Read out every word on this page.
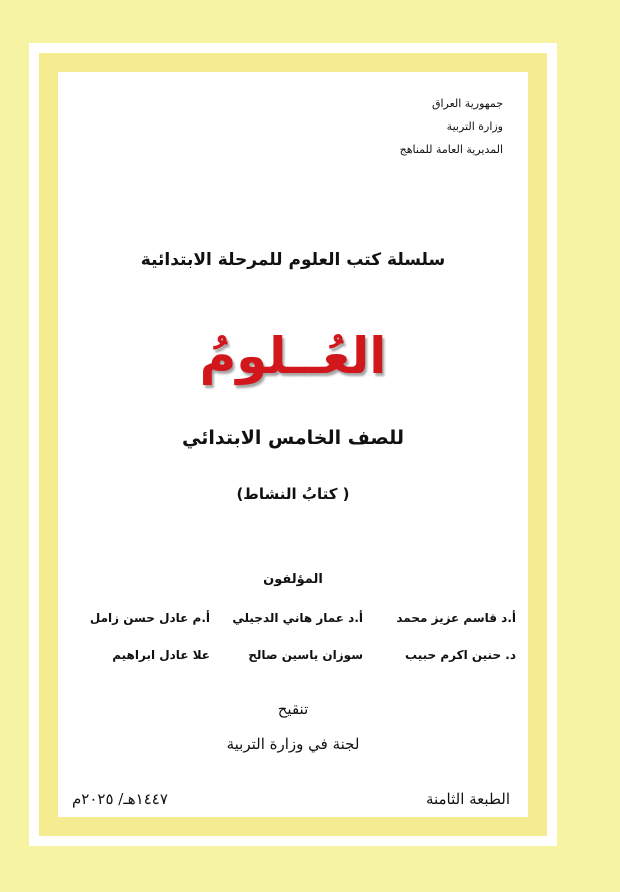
جمهورية العراق
وزارة التربية
المديرية العامة للمناهج
سلسلة كتب العلوم للمرحلة الابتدائية
العُــلومُ
للصف الخامس الابتدائي
( كتابُ النشاط)
المؤلفون
أ.د قاسم عزيز محمد
أ.د عمار هاني الدجيلي
أ.م عادل حسن زامل
د. حنين اكرم حبيب
سوزان ياسين صالح
علا عادل ابراهيم
تنقيح
لجنة في وزارة التربية
الطبعة الثامنة
١٤٤٧هـ/ ٢٠٢٥م
